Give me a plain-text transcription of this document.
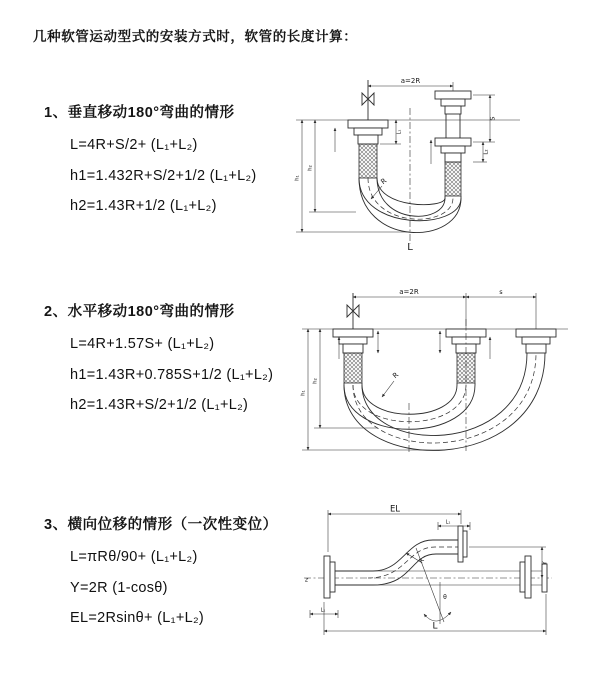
几种软管运动型式的安装方式时，软管的长度计算：
1、垂直移动180°弯曲的情形
L=4R+S/2+ (L₁+L₂)
h1=1.432R+S/2+1/2 (L₁+L₂)
h2=1.43R+1/2 (L₁+L₂)
2、水平移动180°弯曲的情形
L=4R+1.57S+ (L₁+L₂)
h1=1.43R+0.785S+1/2 (L₁+L₂)
h2=1.43R+S/2+1/2 (L₁+L₂)
3、横向位移的情形（一次性变位）
L=πRθ/90+ (L₁+L₂)
Y=2R (1-cosθ)
EL=2Rsinθ+ (L₁+L₂)
a=2R
S
L₂
h₁
h₂
L₁
R
L
a=2R	s
h₁
h₂
R
z
EL
L₁
θ
R	Y
L₁
L
